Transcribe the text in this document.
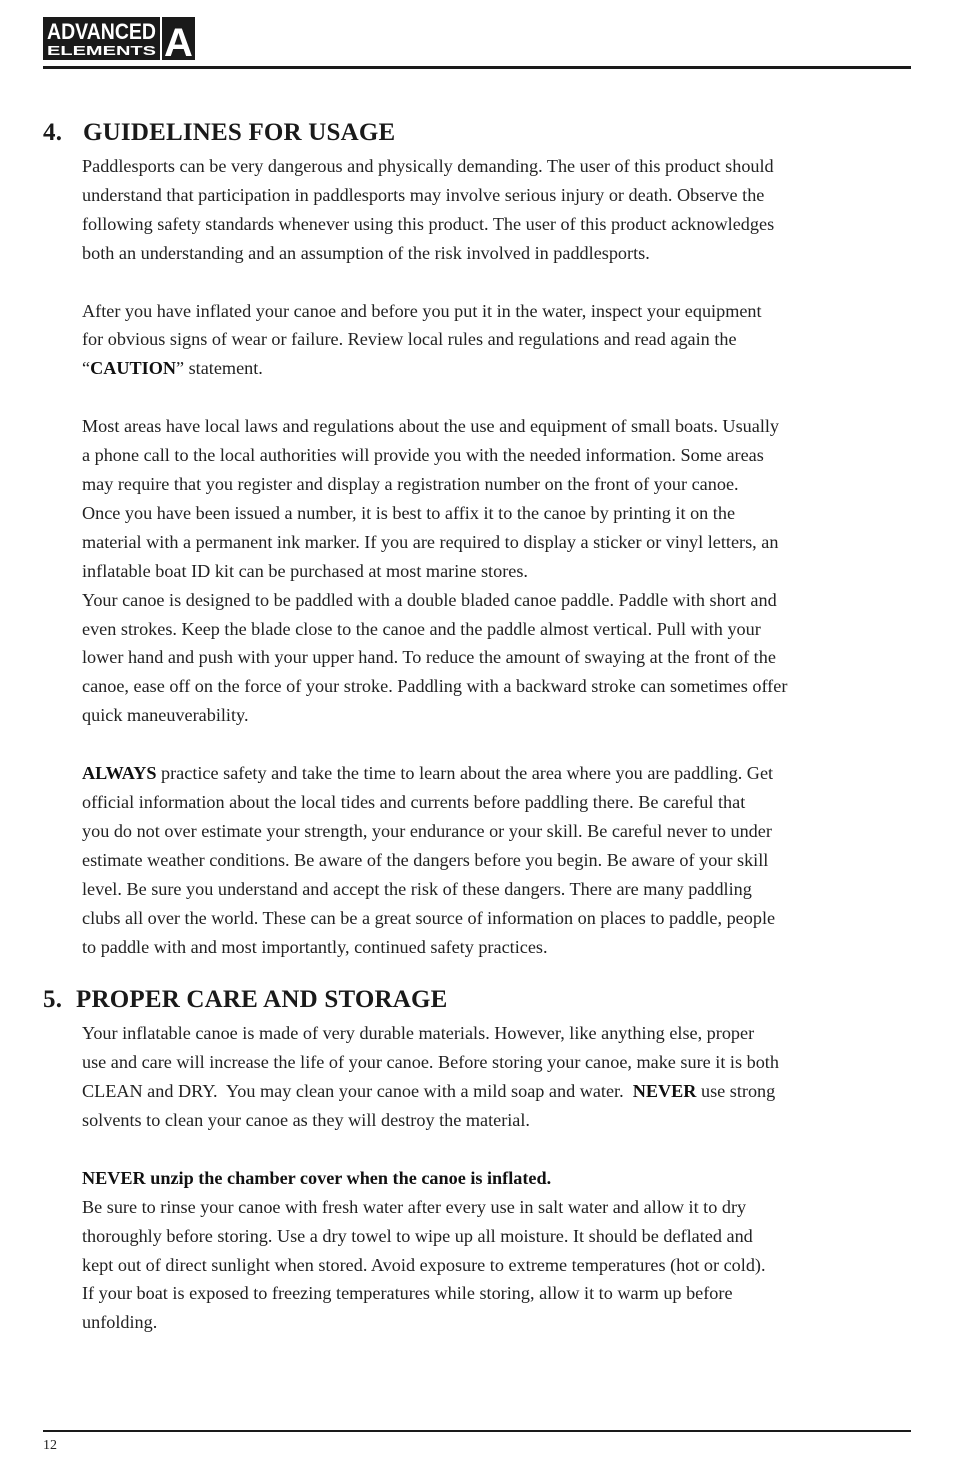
ADVANCED
ELEMENTS A
4. GUIDELINES FOR USAGE
Paddlesports can be very dangerous and physically demanding. The user of this product should
understand that participation in paddlesports may involve serious injury or death. Observe the
following safety standards whenever using this product. The user of this product acknowledges
both an understanding and an assumption of the risk involved in paddlesports.
After you have inflated your canoe and before you put it in the water, inspect your equipment
for obvious signs of wear or failure. Review local rules and regulations and read again the
“CAUTION” statement.
Most areas have local laws and regulations about the use and equipment of small boats. Usually
a phone call to the local authorities will provide you with the needed information. Some areas
may require that you register and display a registration number on the front of your canoe.
Once you have been issued a number, it is best to affix it to the canoe by printing it on the
material with a permanent ink marker. If you are required to display a sticker or vinyl letters, an
inflatable boat ID kit can be purchased at most marine stores.
Your canoe is designed to be paddled with a double bladed canoe paddle. Paddle with short and
even strokes. Keep the blade close to the canoe and the paddle almost vertical. Pull with your
lower hand and push with your upper hand. To reduce the amount of swaying at the front of the
canoe, ease off on the force of your stroke. Paddling with a backward stroke can sometimes offer
quick maneuverability.
ALWAYS practice safety and take the time to learn about the area where you are paddling. Get
official information about the local tides and currents before paddling there. Be careful that
you do not over estimate your strength, your endurance or your skill. Be careful never to under
estimate weather conditions. Be aware of the dangers before you begin. Be aware of your skill
level. Be sure you understand and accept the risk of these dangers. There are many paddling
clubs all over the world. These can be a great source of information on places to paddle, people
to paddle with and most importantly, continued safety practices.
5. PROPER CARE AND STORAGE
Your inflatable canoe is made of very durable materials. However, like anything else, proper
use and care will increase the life of your canoe. Before storing your canoe, make sure it is both
CLEAN and DRY.  You may clean your canoe with a mild soap and water.  NEVER use strong
solvents to clean your canoe as they will destroy the material.
NEVER unzip the chamber cover when the canoe is inflated.
Be sure to rinse your canoe with fresh water after every use in salt water and allow it to dry
thoroughly before storing. Use a dry towel to wipe up all moisture. It should be deflated and
kept out of direct sunlight when stored. Avoid exposure to extreme temperatures (hot or cold).
If your boat is exposed to freezing temperatures while storing, allow it to warm up before
unfolding.
12
